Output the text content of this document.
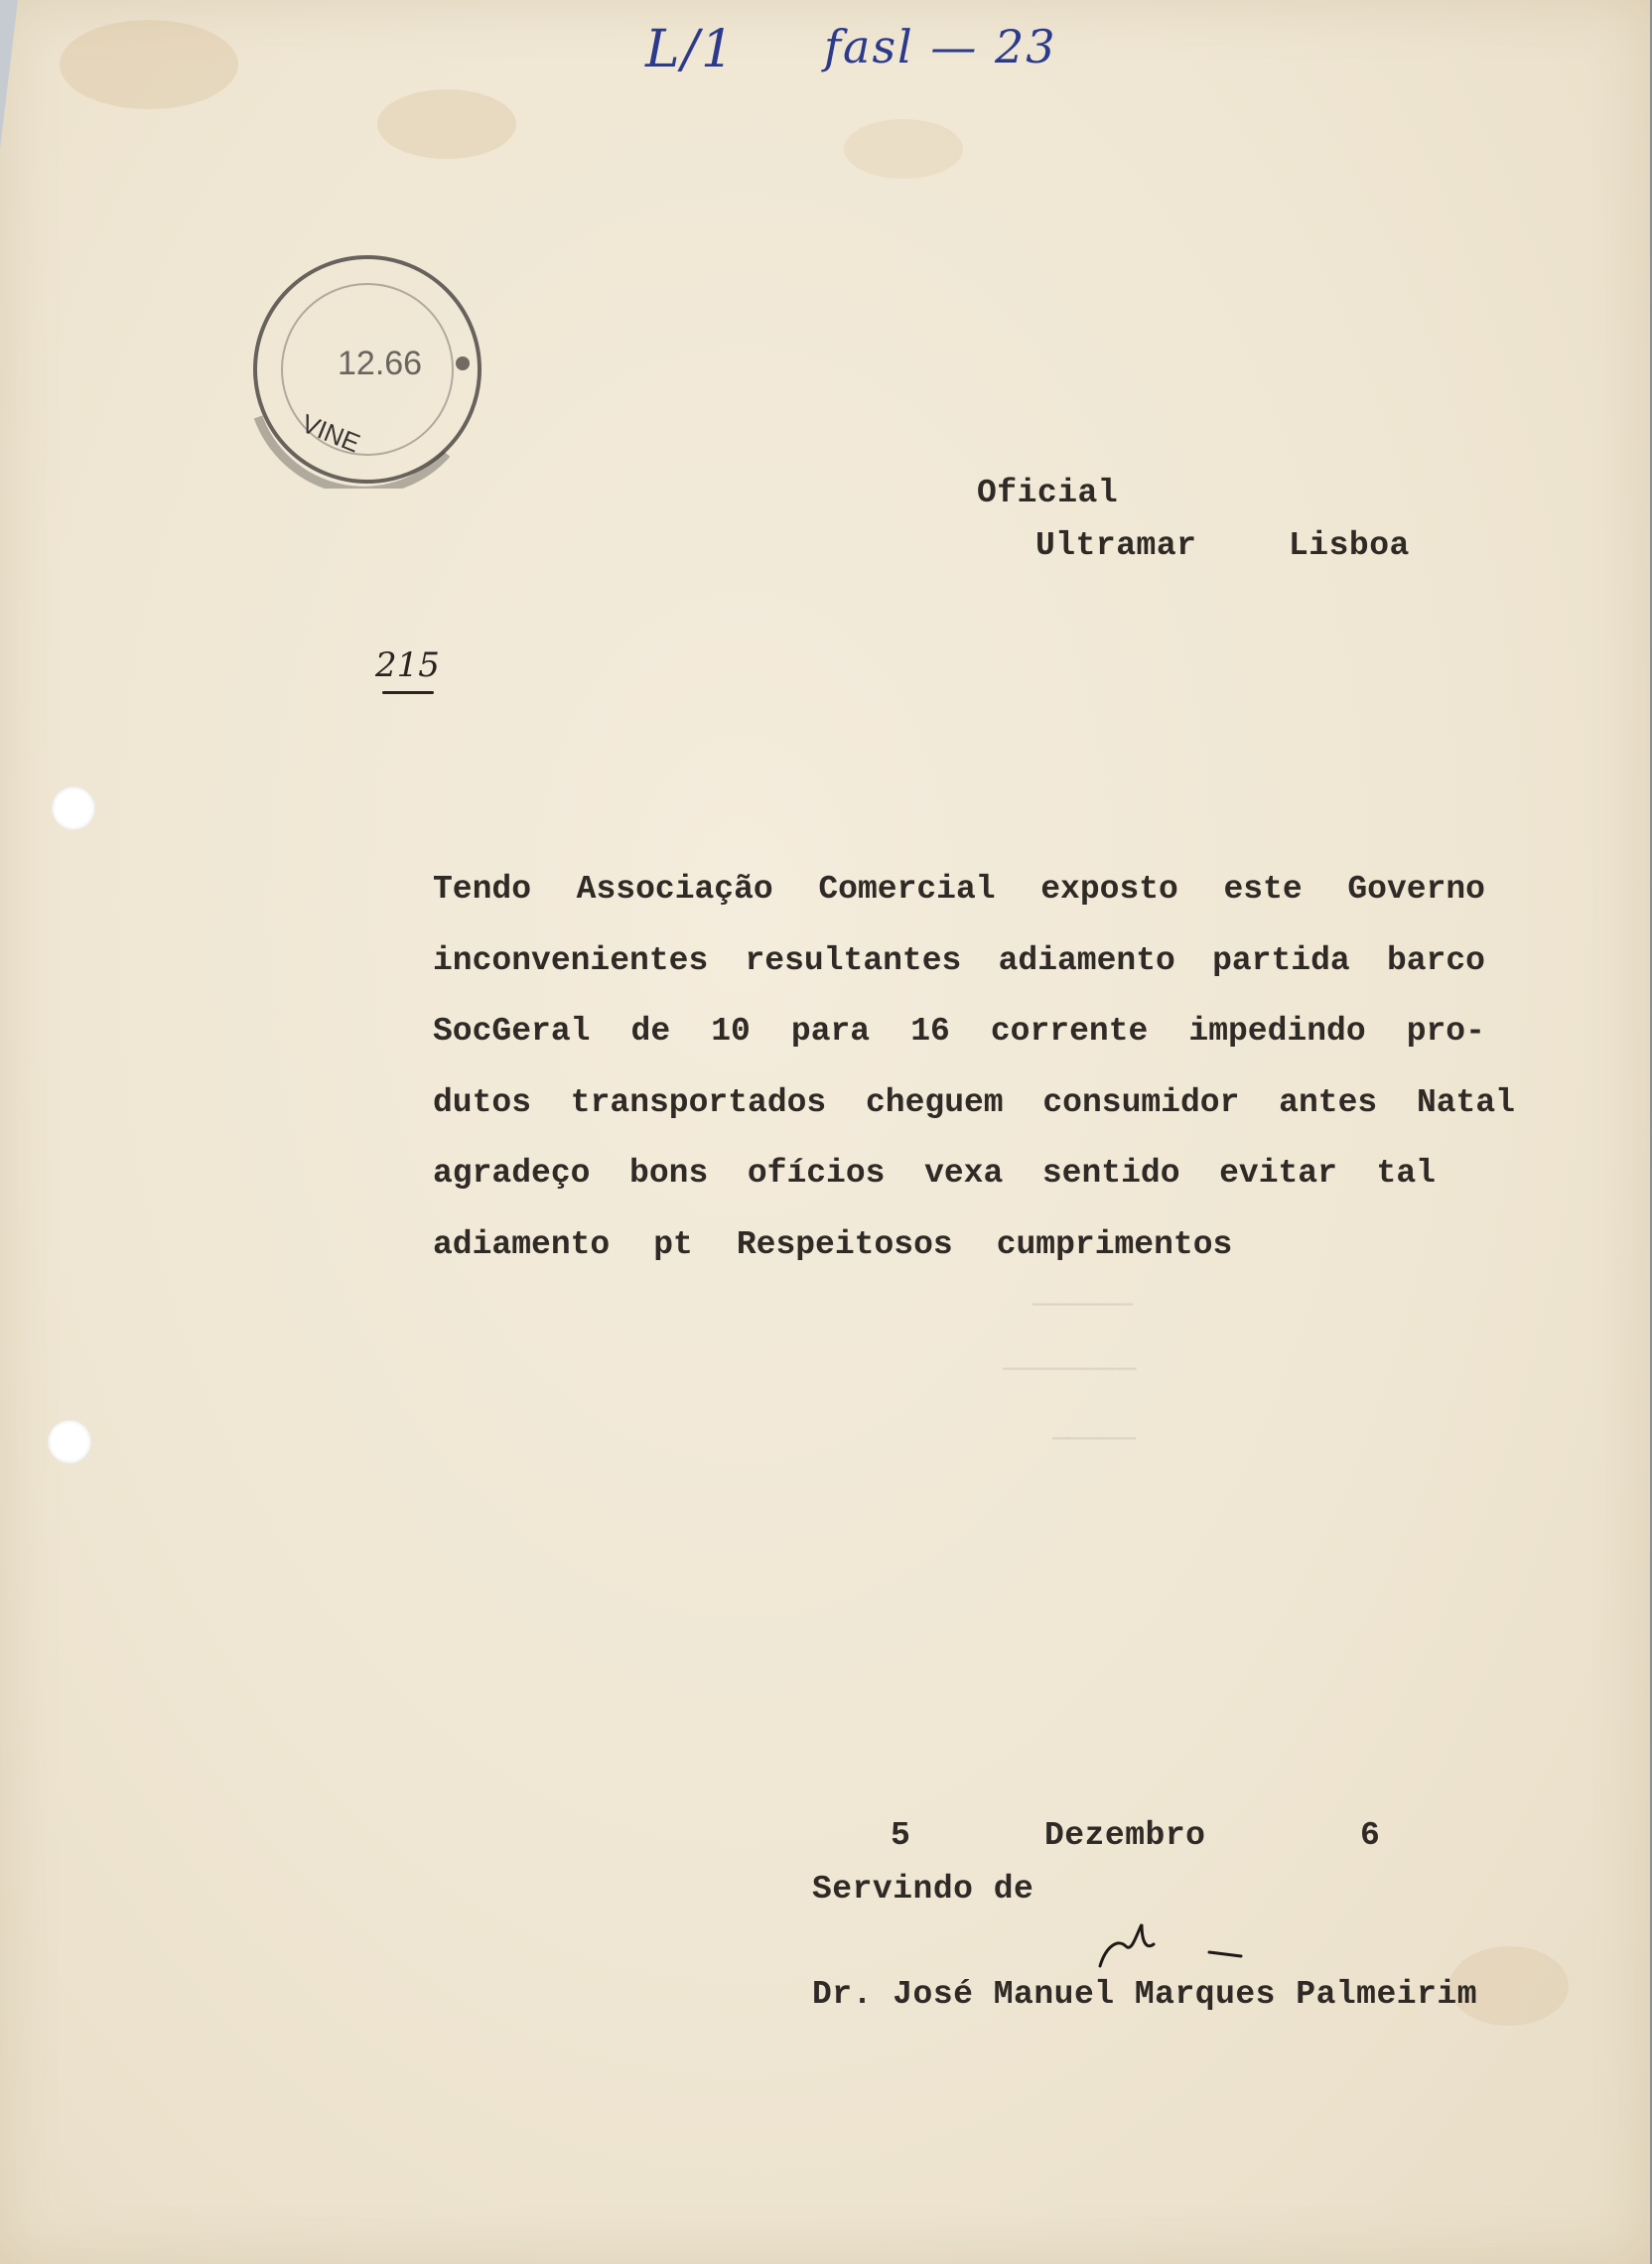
L/1 fasl — 23
12.66
VINE
Oficial
Ultramar	Lisboa
215
Tendo Associação Comercial exposto este Governo
inconvenientes resultantes adiamento partida barco
SocGeral de 10 para 16 corrente impedindo pro-
dutos transportados cheguem consumidor antes Natal
agradeço bons ofícios vexa sentido evitar tal
adiamento pt Respeitosos cumprimentos
──────
────────
─────
5	Dezembro	6
Servindo de
Dr. José Manuel Marques Palmeirim
